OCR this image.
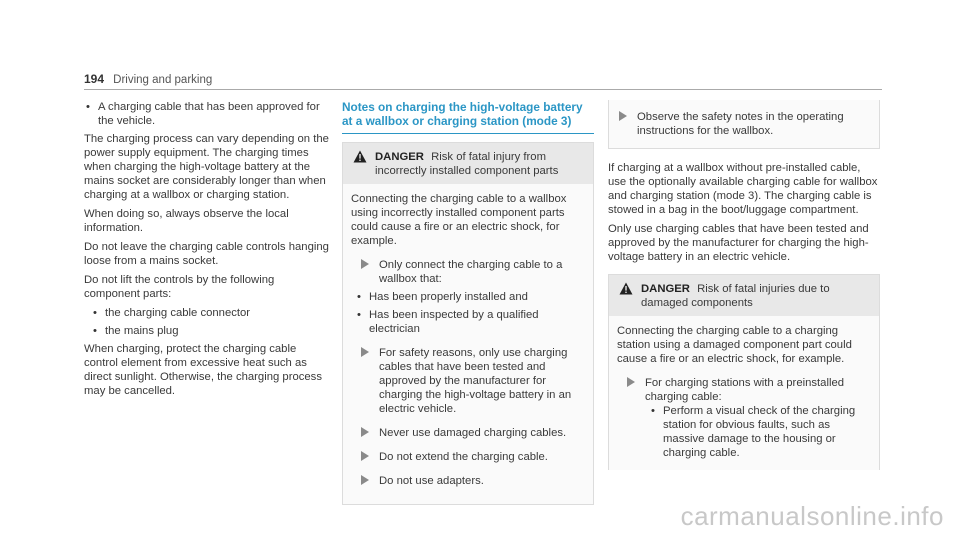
194 Driving and parking
• A charging cable that has been approved for the vehicle.

The charging process can vary depending on the power supply equipment. The charging times when charging the high-voltage battery at the mains socket are considerably longer than when charging at a wallbox or charging station.

When doing so, always observe the local information.

Do not leave the charging cable controls hanging loose from a mains socket.

Do not lift the controls by the following component parts:

• the charging cable connector
• the mains plug

When charging, protect the charging cable control element from excessive heat such as direct sunlight. Otherwise, the charging process may be cancelled.

Notes on charging the high-voltage battery at a wallbox or charging station (mode 3)
DANGER Risk of fatal injury from incorrectly installed component parts

Connecting the charging cable to a wallbox using incorrectly installed component parts could cause a fire or an electric shock, for example.

Only connect the charging cable to a wallbox that:
• Has been properly installed and
• Has been inspected by a qualified electrician
For safety reasons, only use charging cables that have been tested and approved by the manufacturer for charging the high-voltage battery in an electric vehicle.
Never use damaged charging cables.
Do not extend the charging cable.
Do not use adapters.
Observe the safety notes in the operating instructions for the wallbox.

If charging at a wallbox without pre-installed cable, use the optionally available charging cable for wallbox and charging station (mode 3). The charging cable is stowed in a bag in the boot/luggage compartment.

Only use charging cables that have been tested and approved by the manufacturer for charging the high-voltage battery in an electric vehicle.

DANGER Risk of fatal injuries due to damaged components

Connecting the charging cable to a charging station using a damaged component part could cause a fire or an electric shock, for example.

For charging stations with a preinstalled charging cable:
• Perform a visual check of the charging station for obvious faults, such as massive damage to the housing or charging cable.
carmanualsonline.info
